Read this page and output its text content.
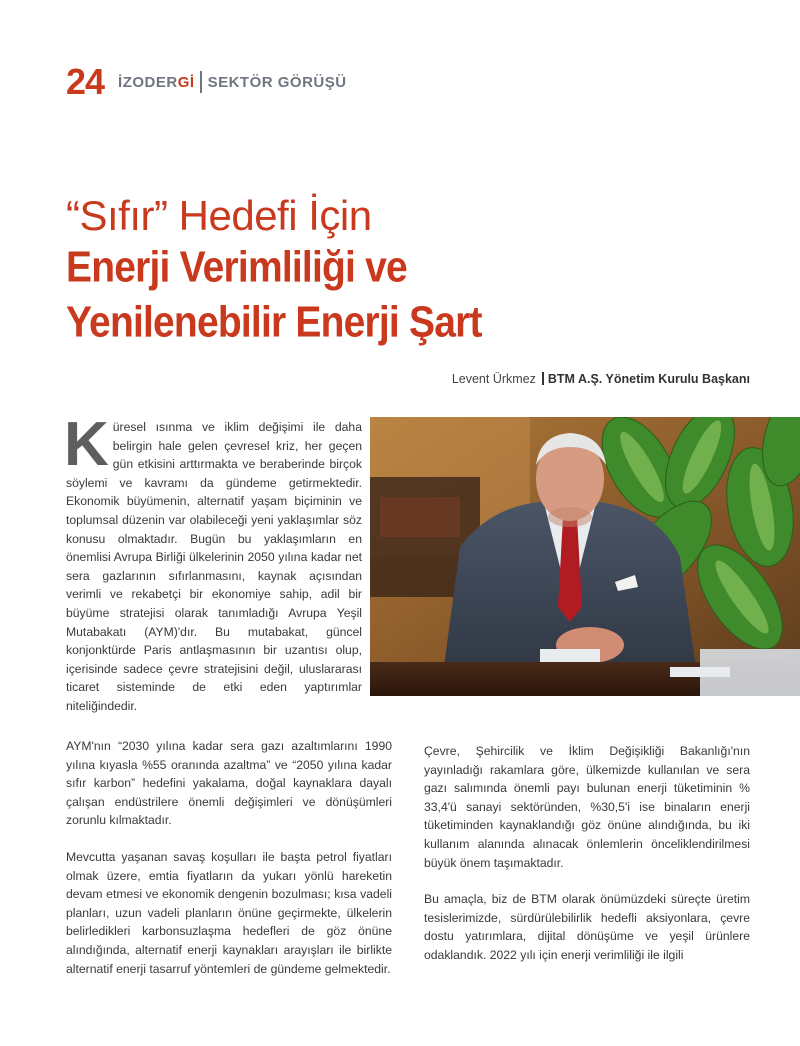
24 İZODERGİ SEKTÖR GÖRÜŞÜ
“Sıfır” Hedefi İçin
Enerji Verimliliği ve
Yenilenebilir Enerji Şart
Levent Ürkmez BTM A.Ş. Yönetim Kurulu Başkanı

Küresel ısınma ve iklim değişimi ile daha belirgin hale gelen çevresel kriz, her geçen gün etkisini arttırmakta ve beraberinde birçok söylemi ve kavramı da gündeme getirmektedir. Ekonomik büyümenin, alternatif yaşam biçiminin ve toplumsal düzenin var olabileceği yeni yaklaşımlar söz konusu olmaktadır. Bugün bu yaklaşımların en önemlisi Avrupa Birliği ülkelerinin 2050 yılına kadar net sera gazlarının sıfırlanmasını, kaynak açısından verimli ve rekabetçi bir ekonomiye sahip, adil bir büyüme stratejisi olarak tanımladığı Avrupa Yeşil Mutabakatı (AYM)'dır. Bu mutabakat, güncel konjonktürde Paris antlaşmasının bir uzantısı olup, içerisinde sadece çevre stratejisini değil, uluslararası ticaret sisteminde de etki eden yaptırımlar niteliğindedir.

AYM'nın “2030 yılına kadar sera gazı azaltımlarını 1990 yılına kıyasla %55 oranında azaltma” ve “2050 yılına kadar sıfır karbon” hedefini yakalama, doğal kaynaklara dayalı çalışan endüstrilere önemli değişimleri ve dönüşümleri zorunlu kılmaktadır.

Mevcutta yaşanan savaş koşulları ile başta petrol fiyatları olmak üzere, emtia fiyatların da yukarı yönlü hareketin devam etmesi ve ekonomik dengenin bozulması; kısa vadeli planları, uzun vadeli planların önüne geçirmekte, ülkelerin belirledikleri karbonsuzlaşma hedefleri de göz önüne alındığında, alternatif enerji kaynakları arayışları ile birlikte alternatif enerji tasarruf yöntemleri de gündeme gelmektedir.

Çevre, Şehircilik ve İklim Değişikliği Bakanlığı'nın yayınladığı rakamlara göre, ülkemizde kullanılan ve sera gazı salımında önemli payı bulunan enerji tüketiminin % 33,4'ü sanayi sektöründen, %30,5'i ise binaların enerji tüketiminden kaynaklandığı göz önüne alındığında, bu iki kullanım alanında alınacak önlemlerin önceliklendirilmesi büyük önem taşımaktadır.

Bu amaçla, biz de BTM olarak önümüzdeki süreçte üretim tesislerimizde, sürdürülebilirlik hedefli aksiyonlara, çevre dostu yatırımlara, dijital dönüşüme ve yeşil ürünlere odaklandık. 2022 yılı için enerji verimliliği ile ilgili
